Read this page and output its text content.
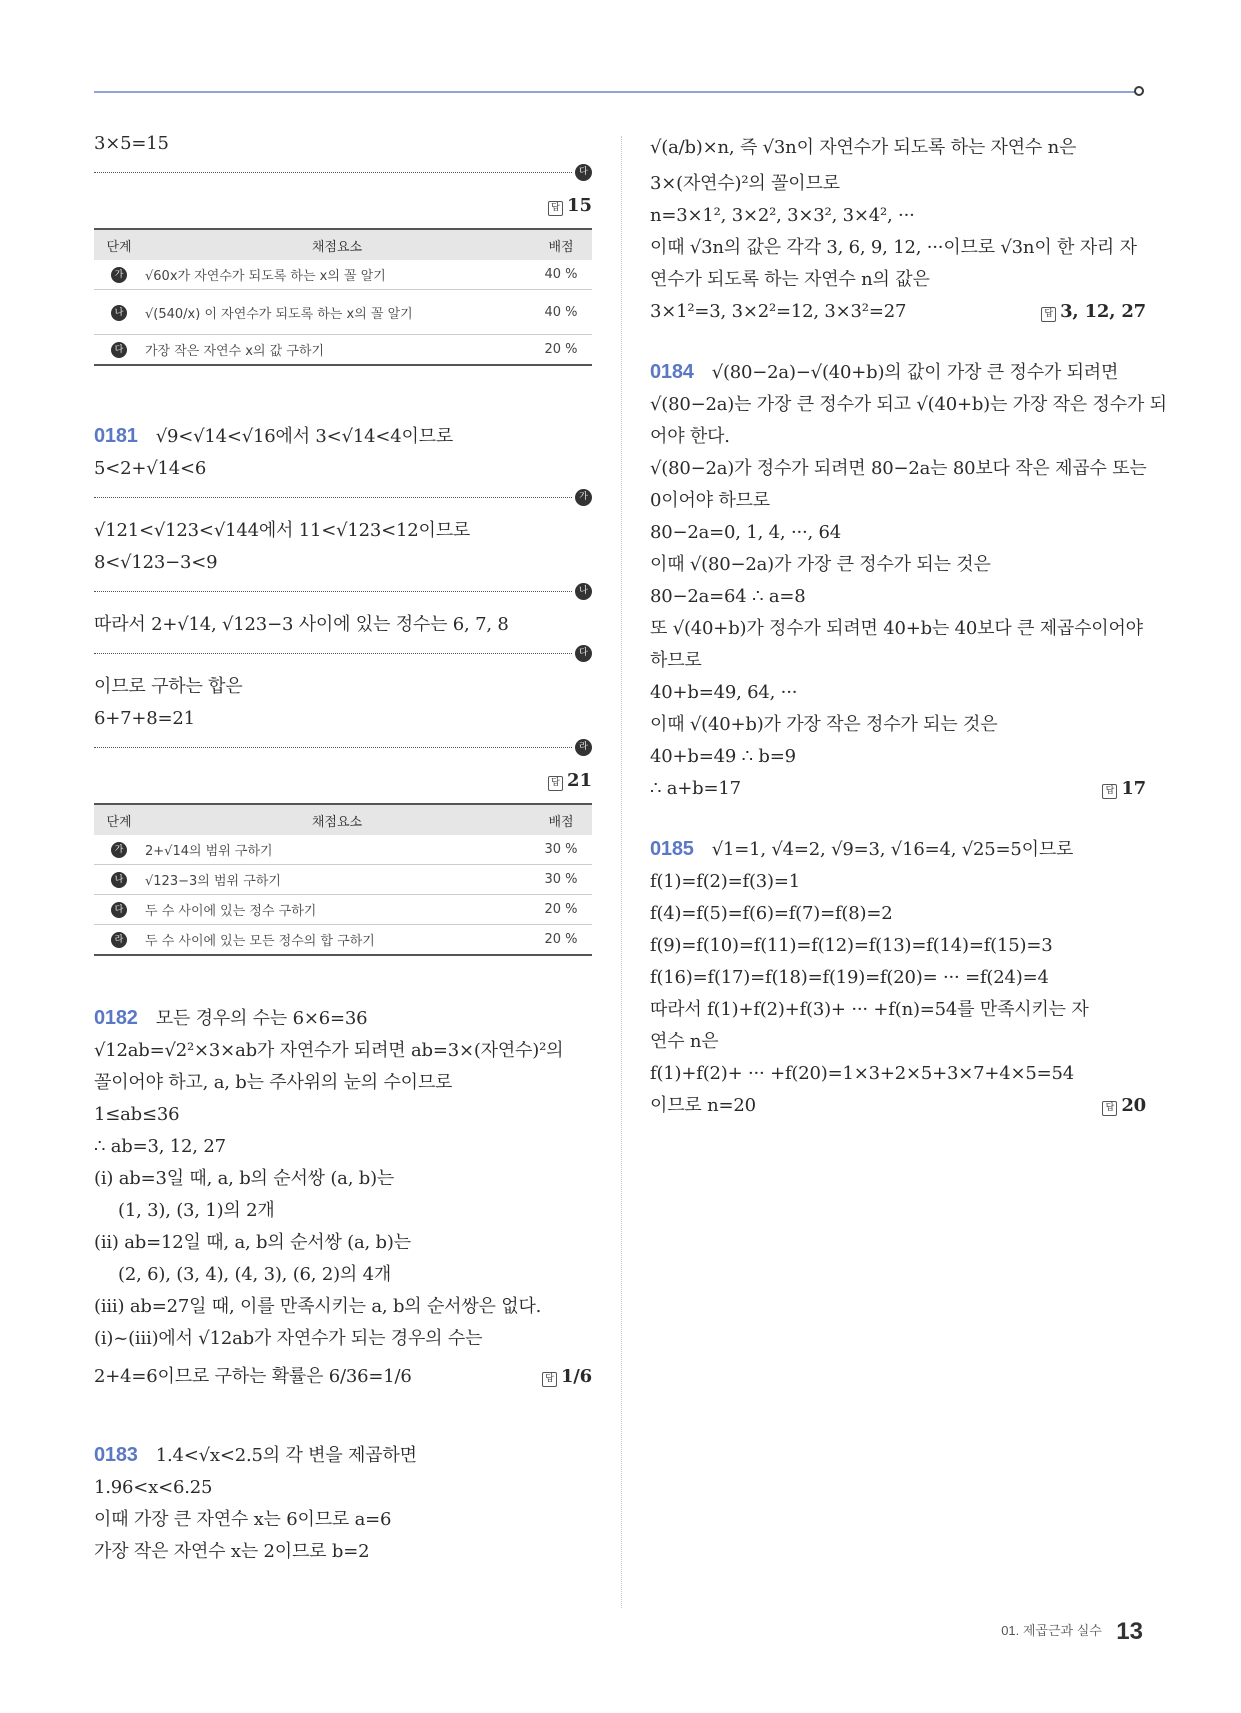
3×5=15
다
답 15
단계	채점요소	배점
가	√60x가 자연수가 되도록 하는 x의 꼴 알기	40 %
나	√(540/x) 이 자연수가 되도록 하는 x의 꼴 알기	40 %
다	가장 작은 자연수 x의 값 구하기	20 %
0181 √9<√14<√16에서 3<√14<4이므로
5<2+√14<6
가
√121<√123<√144에서 11<√123<12이므로
8<√123−3<9
나
따라서 2+√14, √123−3 사이에 있는 정수는 6, 7, 8
다
이므로 구하는 합은
6+7+8=21
라
답 21
단계	채점요소	배점
가	2+√14의 범위 구하기	30 %
나	√123−3의 범위 구하기	30 %
다	두 수 사이에 있는 정수 구하기	20 %
라	두 수 사이에 있는 모든 정수의 합 구하기	20 %
0182 모든 경우의 수는 6×6=36
√12ab=√2²×3×ab가 자연수가 되려면 ab=3×(자연수)²의
꼴이어야 하고, a, b는 주사위의 눈의 수이므로
1≤ab≤36
∴ ab=3, 12, 27
(i) ab=3일 때, a, b의 순서쌍 (a, b)는
(1, 3), (3, 1)의 2개
(ii) ab=12일 때, a, b의 순서쌍 (a, b)는
(2, 6), (3, 4), (4, 3), (6, 2)의 4개
(iii) ab=27일 때, 이를 만족시키는 a, b의 순서쌍은 없다.
(i)~(iii)에서 √12ab가 자연수가 되는 경우의 수는
2+4=6이므로 구하는 확률은 6/36=1/6	답 1/6
0183 1.4<√x<2.5의 각 변을 제곱하면
1.96<x<6.25
이때 가장 큰 자연수 x는 6이므로 a=6
가장 작은 자연수 x는 2이므로 b=2
√(a/b)×n, 즉 √3n이 자연수가 되도록 하는 자연수 n은
3×(자연수)²의 꼴이므로
n=3×1², 3×2², 3×3², 3×4², ···
이때 √3n의 값은 각각 3, 6, 9, 12, ···이므로 √3n이 한 자리 자
연수가 되도록 하는 자연수 n의 값은
3×1²=3, 3×2²=12, 3×3²=27	답 3, 12, 27
0184 √(80−2a)−√(40+b)의 값이 가장 큰 정수가 되려면
√(80−2a)는 가장 큰 정수가 되고 √(40+b)는 가장 작은 정수가 되
어야 한다.
√(80−2a)가 정수가 되려면 80−2a는 80보다 작은 제곱수 또는
0이어야 하므로
80−2a=0, 1, 4, ···, 64
이때 √(80−2a)가 가장 큰 정수가 되는 것은
80−2a=64 ∴ a=8
또 √(40+b)가 정수가 되려면 40+b는 40보다 큰 제곱수이어야
하므로
40+b=49, 64, ···
이때 √(40+b)가 가장 작은 정수가 되는 것은
40+b=49 ∴ b=9
∴ a+b=17	답 17
0185 √1=1, √4=2, √9=3, √16=4, √25=5이므로
f(1)=f(2)=f(3)=1
f(4)=f(5)=f(6)=f(7)=f(8)=2
f(9)=f(10)=f(11)=f(12)=f(13)=f(14)=f(15)=3
f(16)=f(17)=f(18)=f(19)=f(20)= ··· =f(24)=4
따라서 f(1)+f(2)+f(3)+ ··· +f(n)=54를 만족시키는 자
연수 n은
f(1)+f(2)+ ··· +f(20)=1×3+2×5+3×7+4×5=54
이므로 n=20	답 20
$^{01. 제곱근과 실수}$ 13
